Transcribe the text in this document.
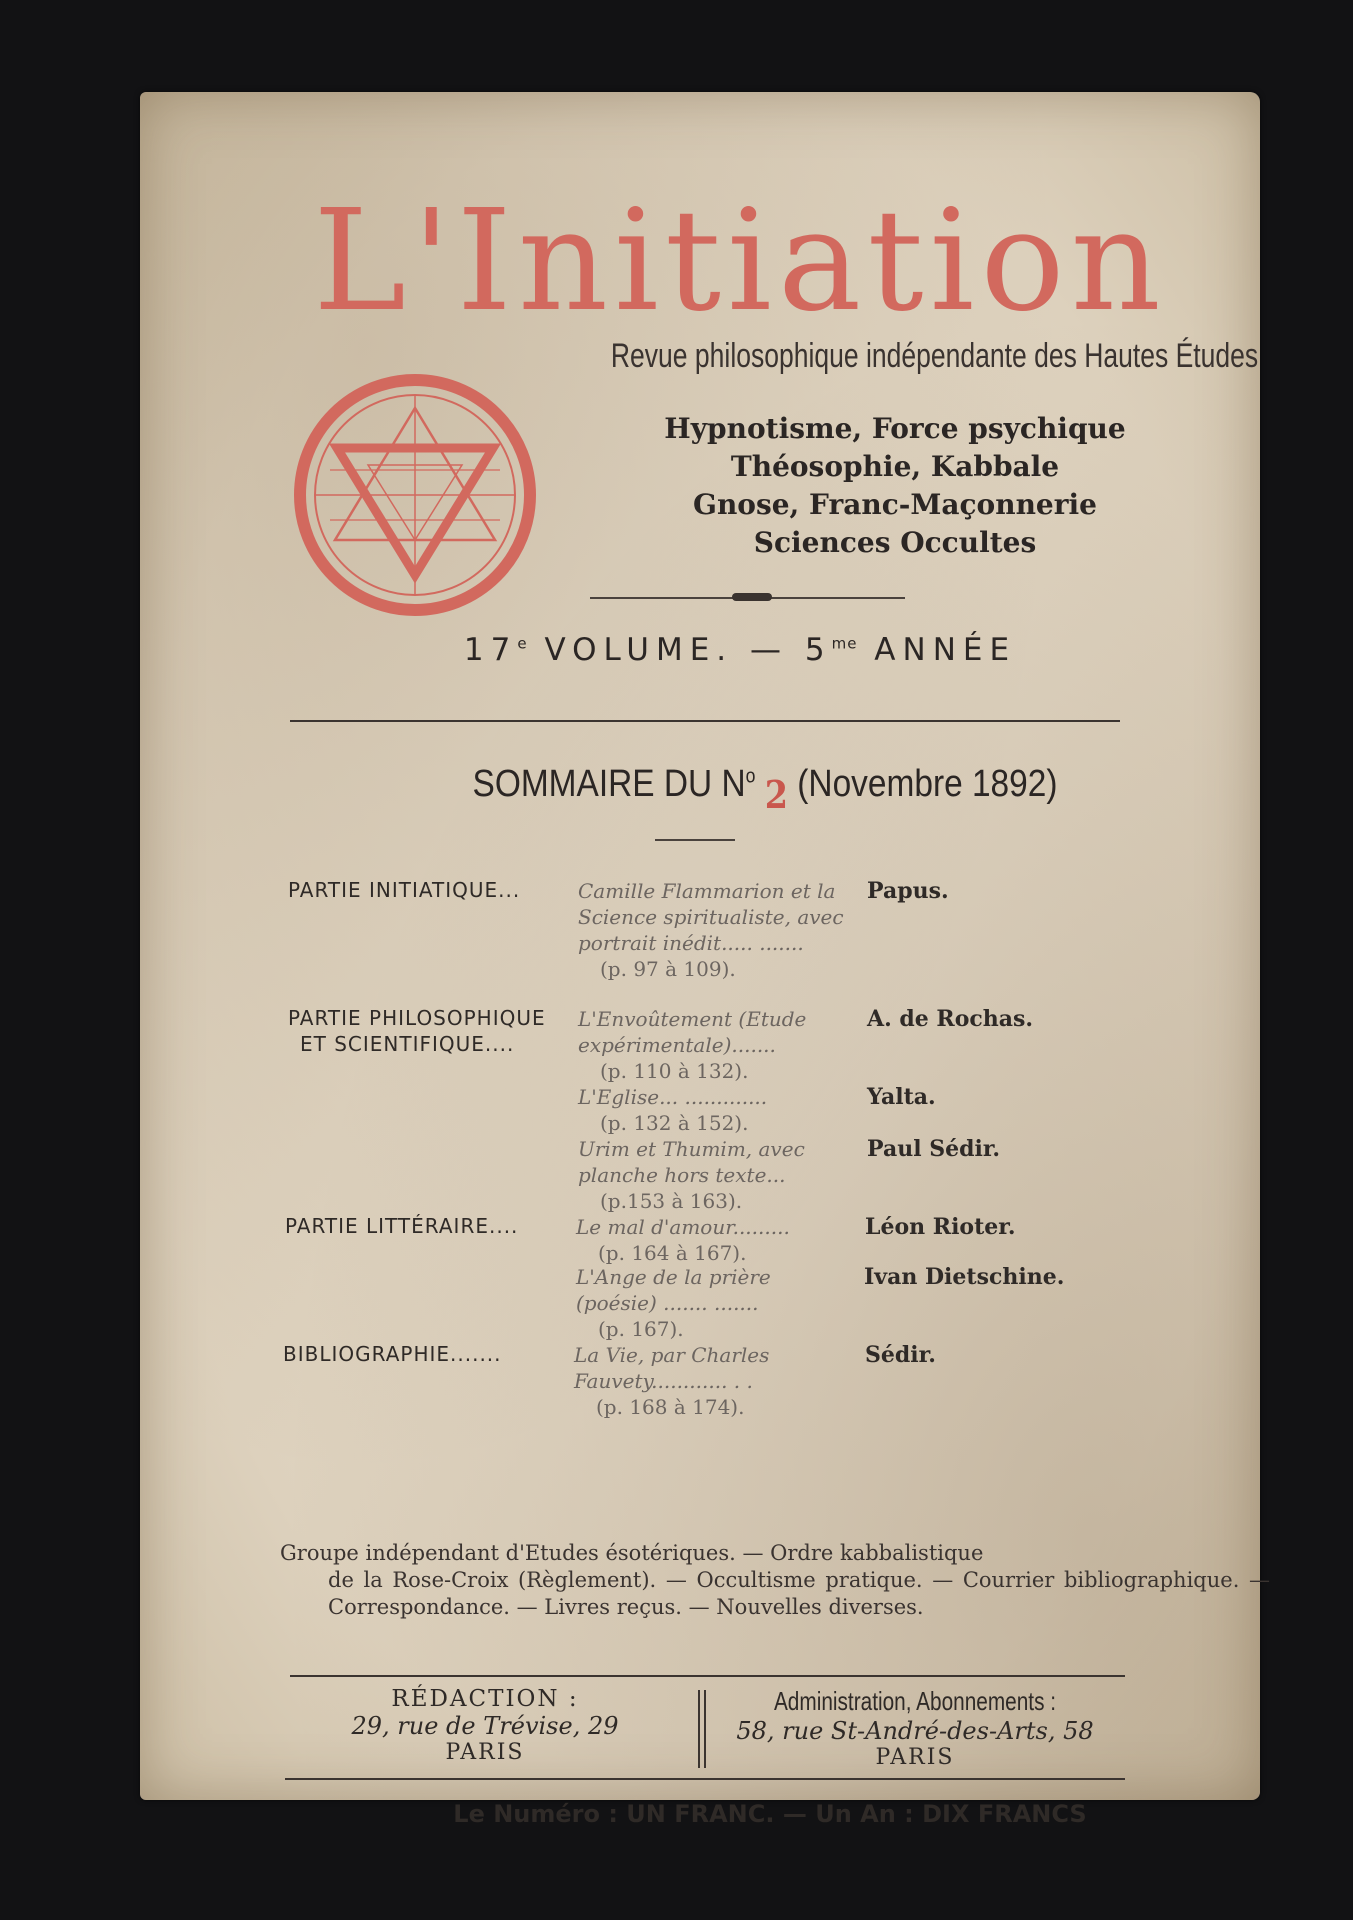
L'Initiation
Revue philosophique indépendante des Hautes Études
Hypnotisme, Force psychique
Théosophie, Kabbale
Gnose, Franc-Maçonnerie
Sciences Occultes
17e VOLUME. — $5^{me}$ ANNÉE
SOMMAIRE DU $N^o$ 2 (Novembre 1892)
PARTIE INITIATIQUE...
PARTIE PHILOSOPHIQUE
ET SCIENTIFIQUE....
PARTIE LITTÉRAIRE....
BIBLIOGRAPHIE.......
Camille Flammarion et la Science spiritualiste, avec portrait inédit..... .......
(p. 97 à 109).
Papus.
L'Envoûtement (Etude expérimentale).......
(p. 110 à 132).
A. de Rochas.
L'Eglise... .............
(p. 132 à 152).
Yalta.
Urim et Thumim, avec planche hors texte...
(p.153 à 163).
Paul Sédir.
Le mal d'amour.........
(p. 164 à 167).
Léon Rioter.
L'Ange de la prière (poésie) ....... .......
(p. 167).
Ivan Dietschine.
La Vie, par Charles Fauvety............ . .
(p. 168 à 174).
Sédir.
Groupe indépendant d'Etudes ésotériques. — Ordre kabbalistique
de la Rose-Croix (Règlement). — Occultisme pratique. — Courrier bibliographique. — Correspondance. — Livres reçus. — Nouvelles diverses.
RÉDACTION :
29, rue de Trévise, 29
PARIS
Administration, Abonnements :
58, rue St-André-des-Arts, 58
PARIS
Le Numéro : UN FRANC. — Un An : DIX FRANCS
